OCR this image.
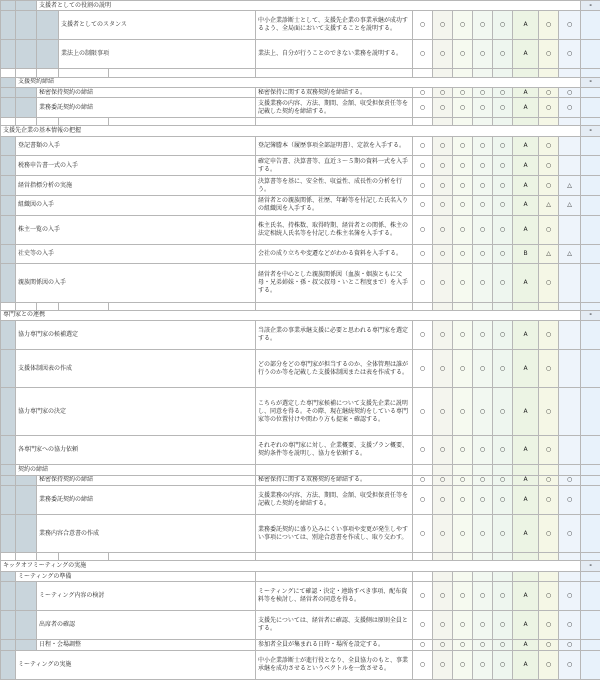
		支援者としての役割の説明												-
			支援者としてのスタンス		中小企業診断士として、支援先企業の事業承継が成功するよう、全局面において支援することを説明する。	○	○	○	○	○	A	○	○	
			業法上の制限事項		業法上、自分が行うことのできない業務を説明する。	○	○	○	○	○	A	○	○	

	支援契約締結													-
		秘密保持契約の締結			秘密保持に関する双務契約を締結する。	○	○	○	○	○	A	○	○	
		業務委託契約の締結			支援業務の内容、方法、期間、金額、収受担保責任等を記載した契約を締結する。	○	○	○	○	○	A	○	○	

支援先企業の基本情報の把握														-
	登記書類の入手				登記簿謄本（履歴事項全部証明書）、定款を入手する。	○	○	○	○	○	A	○		
	税務申告書一式の入手				確定申告書、決算書等、直近３～５期の資料一式を入手する。	○	○	○	○	○	A	○		
	経営指標分析の実施				決算書等を基に、安全性、収益性、成長性の分析を行う。	○	○	○	○	○	A	○	△	
	組織図の入手				経営者との親族関係、社歴、年齢等を付記した氏名入りの組織図を入手する。	○	○	○	○	○	A	△	△	
	株主一覧の入手				株主氏名、持株数、取得時期、経営者との関係、株主の法定相続人氏名等を付記した株主名簿を入手する。	○	○	○	○	○	A	○		
	社史等の入手				会社の成り立ちや変遷などがわかる資料を入手する。	○	○	○	○	○	B	△	△	
	親族関係図の入手				経営者を中心とした親族関係図（血族・姻族ともに父母・兄弟姉妹・孫・叔父叔母・いとこ程度まで）を入手する。	○	○	○	○	○	A	○		

専門家との連携														-
	協力専門家の候補選定				当該企業の事業承継支援に必要と思われる専門家を選定する。	○	○	○	○	○	A	○		
	支援体制図表の作成				どの部分をどの専門家が担当するのか、全体管理は誰が行うのか等を記載した支援体制図または表を作成する。	○	○	○	○	○	A	○		
	協力専門家の決定				こちらが選定した専門家候補について支援先企業に説明し、同意を得る。その際、現在継続契約をしている専門家等の位置付けや関わり方も提案・確認する。	○	○	○	○	○	A	○		
	各専門家への協力依頼				それぞれの専門家に対し、企業概要、支援プラン概要、契約条件等を説明し、協力を依頼する。	○	○	○	○	○	A	○		
	契約の締結													
		秘密保持契約の締結			秘密保持に関する双務契約を締結する。	○	○	○	○	○	A	○	○	
		業務委託契約の締結			支援業務の内容、方法、期間、金額、収受担保責任等を記載した契約を締結する。	○	○	○	○	○	A	○	○	
		業務内容合意書の作成			業務委託契約に盛り込みにくい事項や変更が発生しやすい事項については、別途合意書を作成し、取り交わす。	○	○	○	○	○	A	○	○	

キックオフミーティングの実施														-
	ミーティングの準備													
		ミーティング内容の検討			ミーティングにて確認・決定・連絡すべき事項、配布資料等を検討し、経営者の同意を得る。	○	○	○	○	○	A	○	○	
		出席者の確認			支援先については、経営者に確認、支援側は原則全員とする。	○	○	○	○	○	A	○	○	
		日程・会場調整			参加者全員が集まれる日時・場所を設定する。	○	○	○	○	○	A	○	○	
	ミーティングの実施				中小企業診断士が進行役となり、全員協力のもと、事業承継を成功させるというベクトルを一致させる。	○	○	○	○	○	A	○	○	
